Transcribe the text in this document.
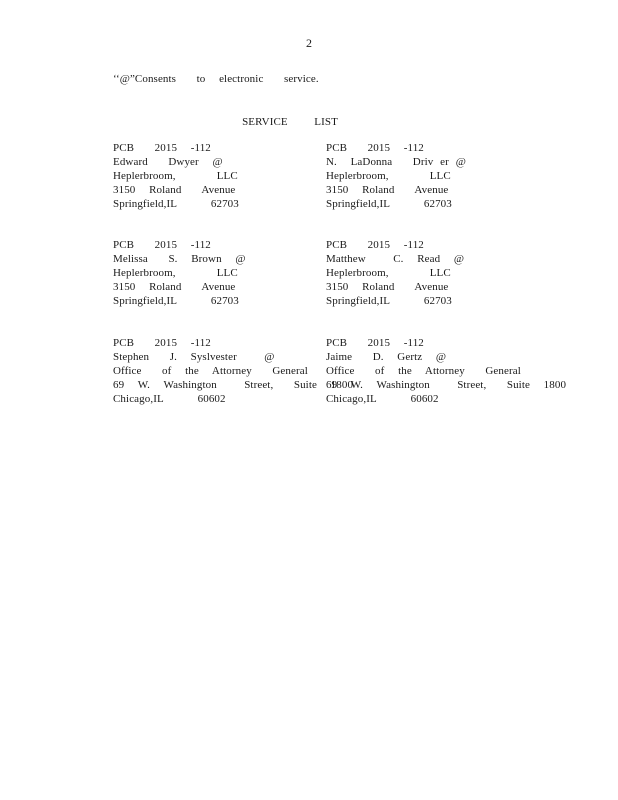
2
‘‘@”Consents   to  electronic   service.
SERVICE   LIST
PCB   2015  -112
Edward   Dwyer  @
Heplerbroom,      LLC
3150  Roland   Avenue
Springfield,IL     62703
PCB   2015  -112
N.  LaDonna   Driv er @
Heplerbroom,      LLC
3150  Roland   Avenue
Springfield,IL     62703
PCB   2015  -112
Melissa   S.  Brown  @
Heplerbroom,      LLC
3150  Roland   Avenue
Springfield,IL     62703
PCB   2015  -112
Matthew    C.  Read  @
Heplerbroom,      LLC
3150  Roland   Avenue
Springfield,IL     62703
PCB   2015  -112
Stephen   J.  Syslvester    @
Office   of  the  Attorney   General
69  W.  Washington    Street,   Suite  1800
Chicago,IL     60602
PCB   2015  -112
Jaime   D.  Gertz  @
Office   of  the  Attorney   General
69  W.  Washington    Street,   Suite  1800
Chicago,IL     60602
